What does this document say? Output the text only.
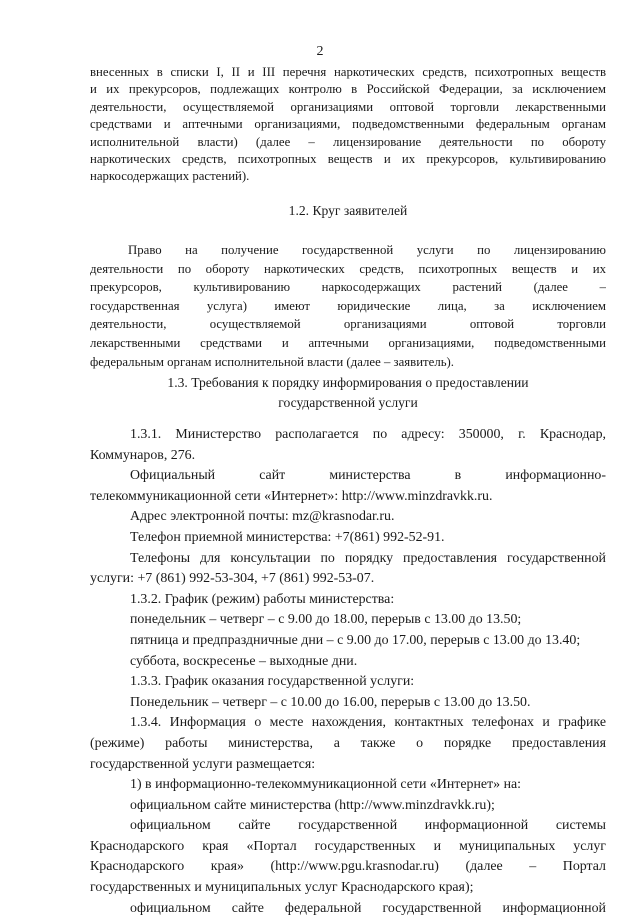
2
внесенных в списки I, II и III перечня наркотических средств, психотропных веществ
и их прекурсоров, подлежащих контролю в Российской Федерации, за исключением
деятельности, осуществляемой организациями оптовой торговли лекарственными
средствами и аптечными организациями, подведомственными федеральным органам
исполнительной власти) (далее – лицензирование деятельности по обороту
наркотических средств, психотропных веществ и их прекурсоров, культивированию
наркосодержащих растений).
1.2. Круг заявителей
Право на получение государственной услуги по лицензированию
деятельности по обороту наркотических средств, психотропных веществ и их
прекурсоров, культивированию наркосодержащих растений (далее –
государственная услуга) имеют юридические лица, за исключением
деятельности, осуществляемой организациями оптовой торговли
лекарственными средствами и аптечными организациями, подведомственными
федеральным органам исполнительной власти (далее – заявитель).
1.3. Требования к порядку информирования о предоставлении
государственной услуги
1.3.1. Министерство располагается по адресу: 350000, г. Краснодар,
Коммунаров, 276.
Официальный сайт министерства в информационно-
телекоммуникационной сети «Интернет»: http://www.minzdravkk.ru.
Адрес электронной почты: mz@krasnodar.ru.
Телефон приемной министерства: +7(861) 992-52-91.
Телефоны для консультации по порядку предоставления государственной
услуги: +7 (861) 992-53-304, +7 (861) 992-53-07.
1.3.2. График (режим) работы министерства:
понедельник – четверг – с 9.00 до 18.00, перерыв с 13.00 до 13.50;
пятница и предпраздничные дни – с 9.00 до 17.00, перерыв с 13.00 до 13.40;
суббота, воскресенье – выходные дни.
1.3.3. График оказания государственной услуги:
Понедельник – четверг – с 10.00 до 16.00, перерыв с 13.00 до 13.50.
1.3.4. Информация о месте нахождения, контактных телефонах и графике
(режиме) работы министерства, а также о порядке предоставления
государственной услуги размещается:
1) в информационно-телекоммуникационной сети «Интернет» на:
официальном сайте министерства (http://www.minzdravkk.ru);
официальном сайте государственной информационной системы
Краснодарского края «Портал государственных и муниципальных услуг
Краснодарского края» (http://www.pgu.krasnodar.ru) (далее – Портал
государственных и муниципальных услуг Краснодарского края);
официальном сайте федеральной государственной информационной
